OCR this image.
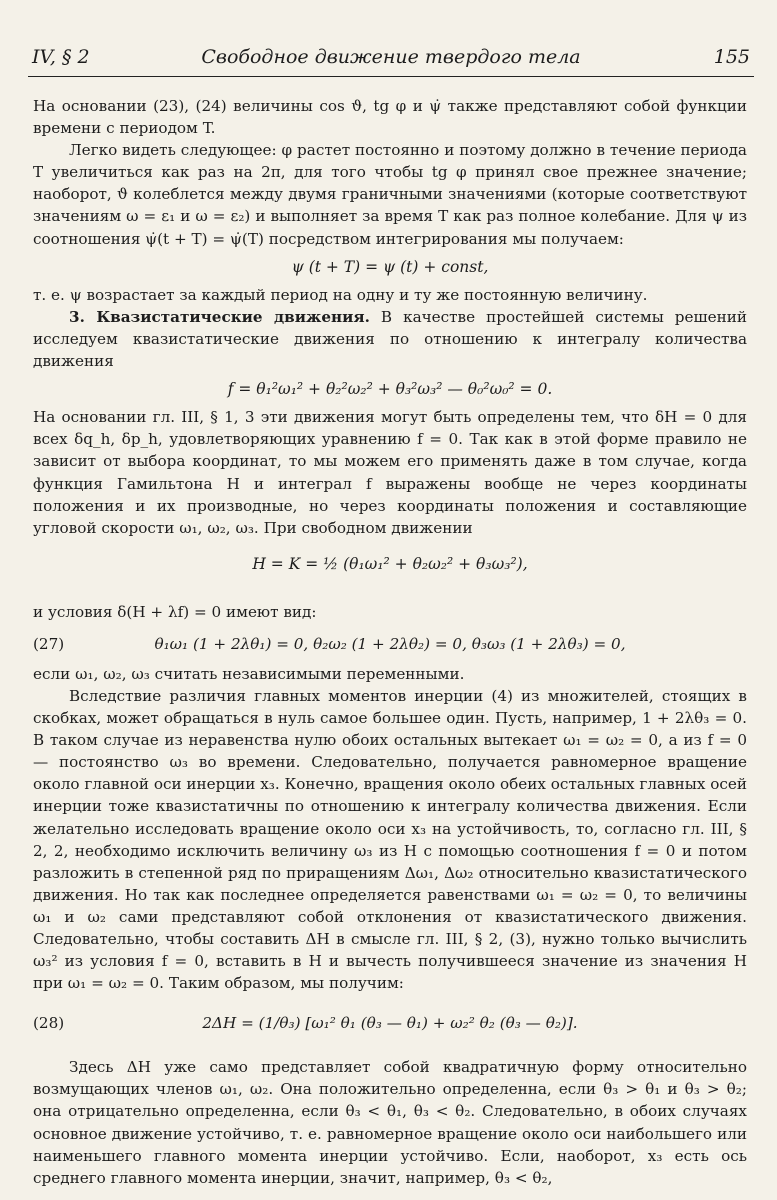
IV, § 2	Свободное движение твердого тела	155

На основании (23), (24) величины cos ϑ, tg φ и ψ̇ также представляют собой функции времени с периодом T.

Легко видеть следующее: φ растет постоянно и поэтому должно в течение периода T увеличиться как раз на 2π, для того чтобы tg φ принял свое прежнее значение; наоборот, ϑ колеблется между двумя граничными значениями (которые соответствуют значениям ω = ε₁ и ω = ε₂) и выполняет за время T как раз полное колебание. Для ψ из соотношения ψ̇(t + T) = ψ̇(T) посредством интегрирования мы получаем:

ψ (t + T) = ψ (t) + const,

т. е. ψ возрастает за каждый период на одну и ту же постоянную величину.

3. Квазистатические движения. В качестве простейшей системы решений исследуем квазистатические движения по отношению к интегралу количества движения

f = θ₁²ω₁² + θ₂²ω₂² + θ₃²ω₃² — θ₀²ω₀² = 0.

На основании гл. III, § 1, 3 эти движения могут быть определены тем, что δH = 0 для всех δq_h, δp_h, удовлетворяющих уравнению f = 0. Так как в этой форме правило не зависит от выбора координат, то мы можем его применять даже в том случае, когда функция Гамильтона H и интеграл f выражены вообще не через координаты положения и их производные, но через координаты положения и составляющие угловой скорости ω₁, ω₂, ω₃. При свободном движении

H = K = ½ (θ₁ω₁² + θ₂ω₂² + θ₃ω₃²),

и условия δ(H + λf) = 0 имеют вид:

(27)	θ₁ω₁ (1 + 2λθ₁) = 0, θ₂ω₂ (1 + 2λθ₂) = 0, θ₃ω₃ (1 + 2λθ₃) = 0,

если ω₁, ω₂, ω₃ считать независимыми переменными.

Вследствие различия главных моментов инерции (4) из множителей, стоящих в скобках, может обращаться в нуль самое большее один. Пусть, например, 1 + 2λθ₃ = 0. В таком случае из неравенства нулю обоих остальных вытекает ω₁ = ω₂ = 0, а из f = 0 — постоянство ω₃ во времени. Следовательно, получается равномерное вращение около главной оси инерции x₃. Конечно, вращения около обеих остальных главных осей инерции тоже квазистатичны по отношению к интегралу количества движения. Если желательно исследовать вращение около оси x₃ на устойчивость, то, согласно гл. III, § 2, 2, необходимо исключить величину ω₃ из H с помощью соотношения f = 0 и потом разложить в степенной ряд по приращениям Δω₁, Δω₂ относительно квазистатического движения. Но так как последнее определяется равенствами ω₁ = ω₂ = 0, то величины ω₁ и ω₂ сами представляют собой отклонения от квазистатического движения. Следовательно, чтобы составить ΔH в смысле гл. III, § 2, (3), нужно только вычислить ω₃² из условия f = 0, вставить в H и вычесть получившееся значение из значения H при ω₁ = ω₂ = 0. Таким образом, мы получим:

(28)	2ΔH = (1/θ₃) [ω₁² θ₁ (θ₃ — θ₁) + ω₂² θ₂ (θ₃ — θ₂)].

Здесь ΔH уже само представляет собой квадратичную форму относительно возмущающих членов ω₁, ω₂. Она положительно определенна, если θ₃ > θ₁ и θ₃ > θ₂; она отрицательно определенна, если θ₃ < θ₁, θ₃ < θ₂. Следовательно, в обоих случаях основное движение устойчиво, т. е. равномерное вращение около оси наибольшего или наименьшего главного момента инерции устойчиво. Если, наоборот, x₃ есть ось среднего главного момента инерции, значит, например, θ₃ < θ₂,
